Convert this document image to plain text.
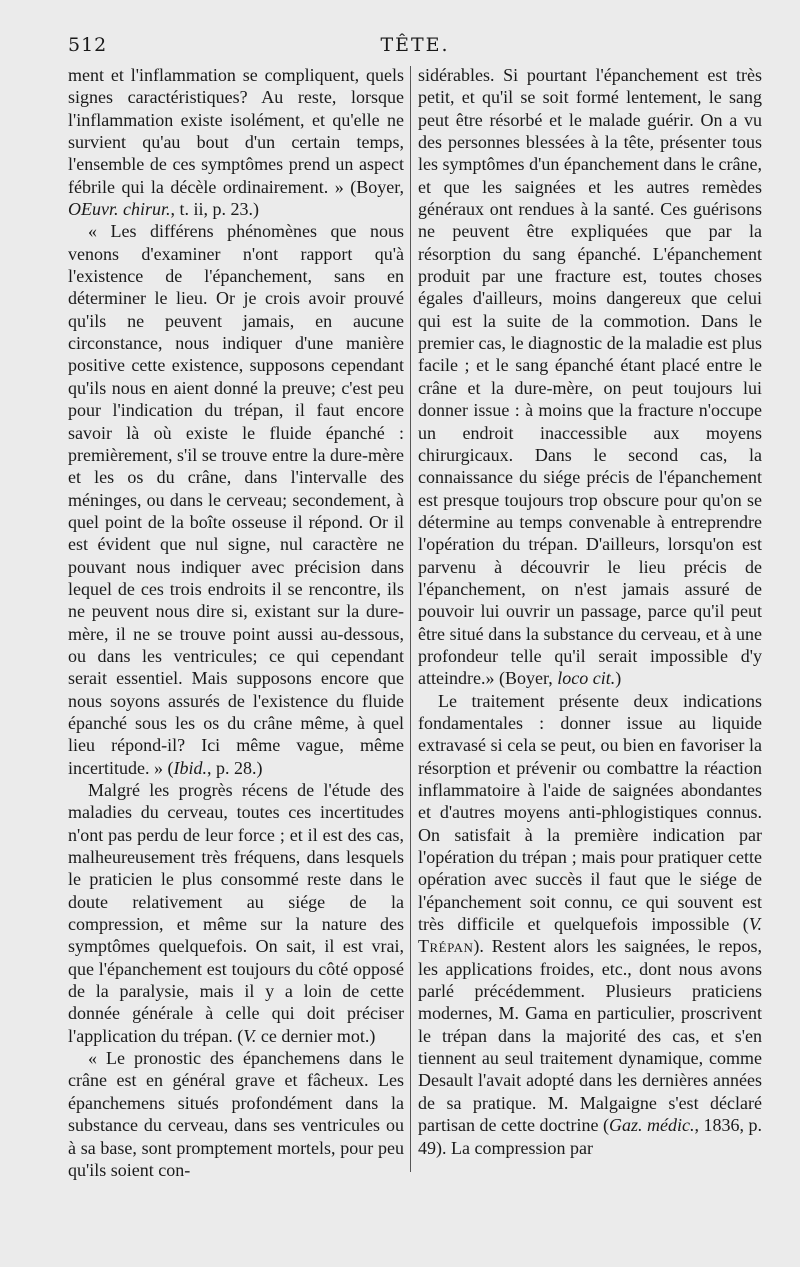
512	TÊTE.

ment et l'inflammation se compliquent, quels signes caractéristiques? Au reste, lorsque l'inflammation existe isolément, et qu'elle ne survient qu'au bout d'un certain temps, l'ensemble de ces symptômes prend un aspect fébrile qui la décèle ordinairement. » (Boyer, OEuvr. chirur., t. ii, p. 23.)

« Les différens phénomènes que nous venons d'examiner n'ont rapport qu'à l'existence de l'épanchement, sans en déterminer le lieu. Or je crois avoir prouvé qu'ils ne peuvent jamais, en aucune circonstance, nous indiquer d'une manière positive cette existence, supposons cependant qu'ils nous en aient donné la preuve; c'est peu pour l'indication du trépan, il faut encore savoir là où existe le fluide épanché : premièrement, s'il se trouve entre la dure-mère et les os du crâne, dans l'intervalle des méninges, ou dans le cerveau; secondement, à quel point de la boîte osseuse il répond. Or il est évident que nul signe, nul caractère ne pouvant nous indiquer avec précision dans lequel de ces trois endroits il se rencontre, ils ne peuvent nous dire si, existant sur la dure-mère, il ne se trouve point aussi au-dessous, ou dans les ventricules; ce qui cependant serait essentiel. Mais supposons encore que nous soyons assurés de l'existence du fluide épanché sous les os du crâne même, à quel lieu répond-il? Ici même vague, même incertitude. » (Ibid., p. 28.)

Malgré les progrès récens de l'étude des maladies du cerveau, toutes ces incertitudes n'ont pas perdu de leur force ; et il est des cas, malheureusement très fréquens, dans lesquels le praticien le plus consommé reste dans le doute relativement au siége de la compression, et même sur la nature des symptômes quelquefois. On sait, il est vrai, que l'épanchement est toujours du côté opposé de la paralysie, mais il y a loin de cette donnée générale à celle qui doit préciser l'application du trépan. (V. ce dernier mot.)

« Le pronostic des épanchemens dans le crâne est en général grave et fâcheux. Les épanchemens situés profondément dans la substance du cerveau, dans ses ventricules ou à sa base, sont promptement mortels, pour peu qu'ils soient con-

sidérables. Si pourtant l'épanchement est très petit, et qu'il se soit formé lentement, le sang peut être résorbé et le malade guérir. On a vu des personnes blessées à la tête, présenter tous les symptômes d'un épanchement dans le crâne, et que les saignées et les autres remèdes généraux ont rendues à la santé. Ces guérisons ne peuvent être expliquées que par la résorption du sang épanché. L'épanchement produit par une fracture est, toutes choses égales d'ailleurs, moins dangereux que celui qui est la suite de la commotion. Dans le premier cas, le diagnostic de la maladie est plus facile ; et le sang épanché étant placé entre le crâne et la dure-mère, on peut toujours lui donner issue : à moins que la fracture n'occupe un endroit inaccessible aux moyens chirurgicaux. Dans le second cas, la connaissance du siége précis de l'épanchement est presque toujours trop obscure pour qu'on se détermine au temps convenable à entreprendre l'opération du trépan. D'ailleurs, lorsqu'on est parvenu à découvrir le lieu précis de l'épanchement, on n'est jamais assuré de pouvoir lui ouvrir un passage, parce qu'il peut être situé dans la substance du cerveau, et à une profondeur telle qu'il serait impossible d'y atteindre.» (Boyer, loco cit.)

Le traitement présente deux indications fondamentales : donner issue au liquide extravasé si cela se peut, ou bien en favoriser la résorption et prévenir ou combattre la réaction inflammatoire à l'aide de saignées abondantes et d'autres moyens anti-phlogistiques connus. On satisfait à la première indication par l'opération du trépan ; mais pour pratiquer cette opération avec succès il faut que le siége de l'épanchement soit connu, ce qui souvent est très difficile et quelquefois impossible (V. Trépan). Restent alors les saignées, le repos, les applications froides, etc., dont nous avons parlé précédemment. Plusieurs praticiens modernes, M. Gama en particulier, proscrivent le trépan dans la majorité des cas, et s'en tiennent au seul traitement dynamique, comme Desault l'avait adopté dans les dernières années de sa pratique. M. Malgaigne s'est déclaré partisan de cette doctrine (Gaz. médic., 1836, p. 49). La compression par
